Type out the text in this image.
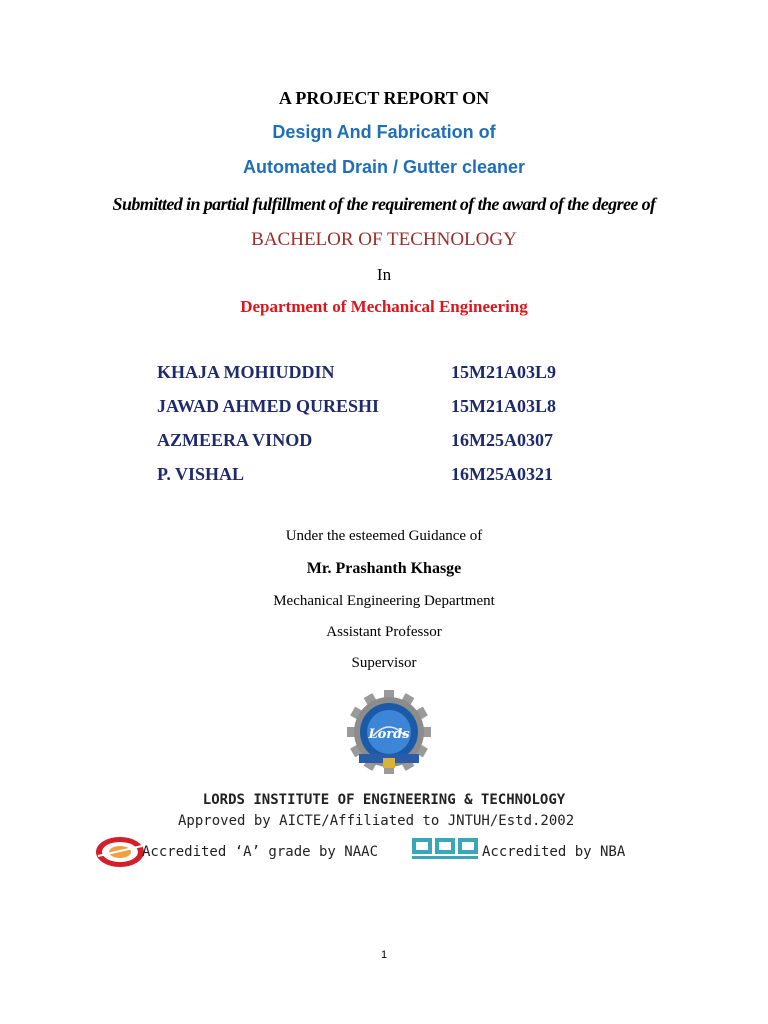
A PROJECT REPORT ON
Design And Fabrication of
Automated Drain / Gutter cleaner
Submitted in partial fulfillment of the requirement of the award of the degree of
BACHELOR OF TECHNOLOGY
In
Department of Mechanical Engineering
KHAJA MOHIUDDIN	15M21A03L9
JAWAD AHMED QURESHI	15M21A03L8
AZMEERA VINOD	16M25A0307
P. VISHAL	16M25A0321
Under the esteemed Guidance of
Mr. Prashanth Khasge
Mechanical Engineering Department
Assistant Professor
Supervisor
Lords
LORDS INSTITUTE OF ENGINEERING & TECHNOLOGY
Approved by AICTE/Affiliated to JNTUH/Estd.2002
Accredited ‘A’ grade by NAAC	Accredited by NBA
1
